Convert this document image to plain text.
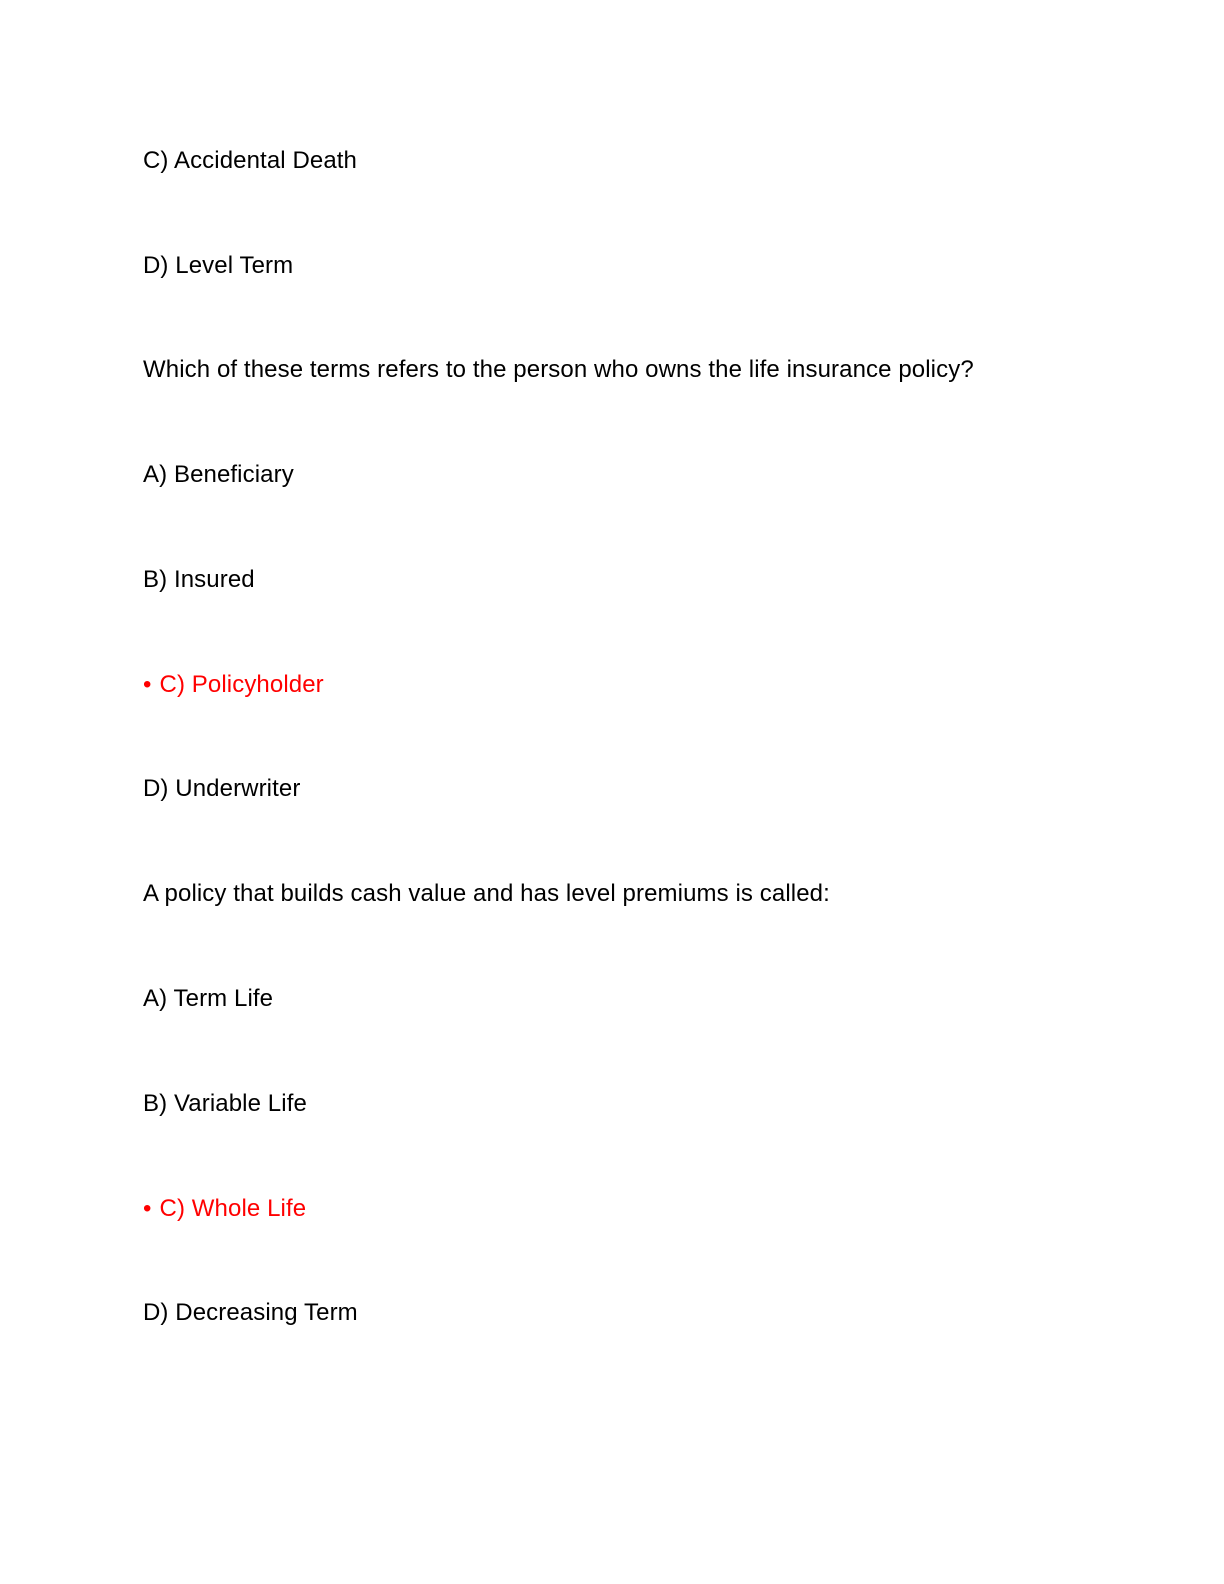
C) Accidental Death
D) Level Term
Which of these terms refers to the person who owns the life insurance policy?
A) Beneficiary
B) Insured
• C) Policyholder
D) Underwriter
A policy that builds cash value and has level premiums is called:
A) Term Life
B) Variable Life
• C) Whole Life
D) Decreasing Term
